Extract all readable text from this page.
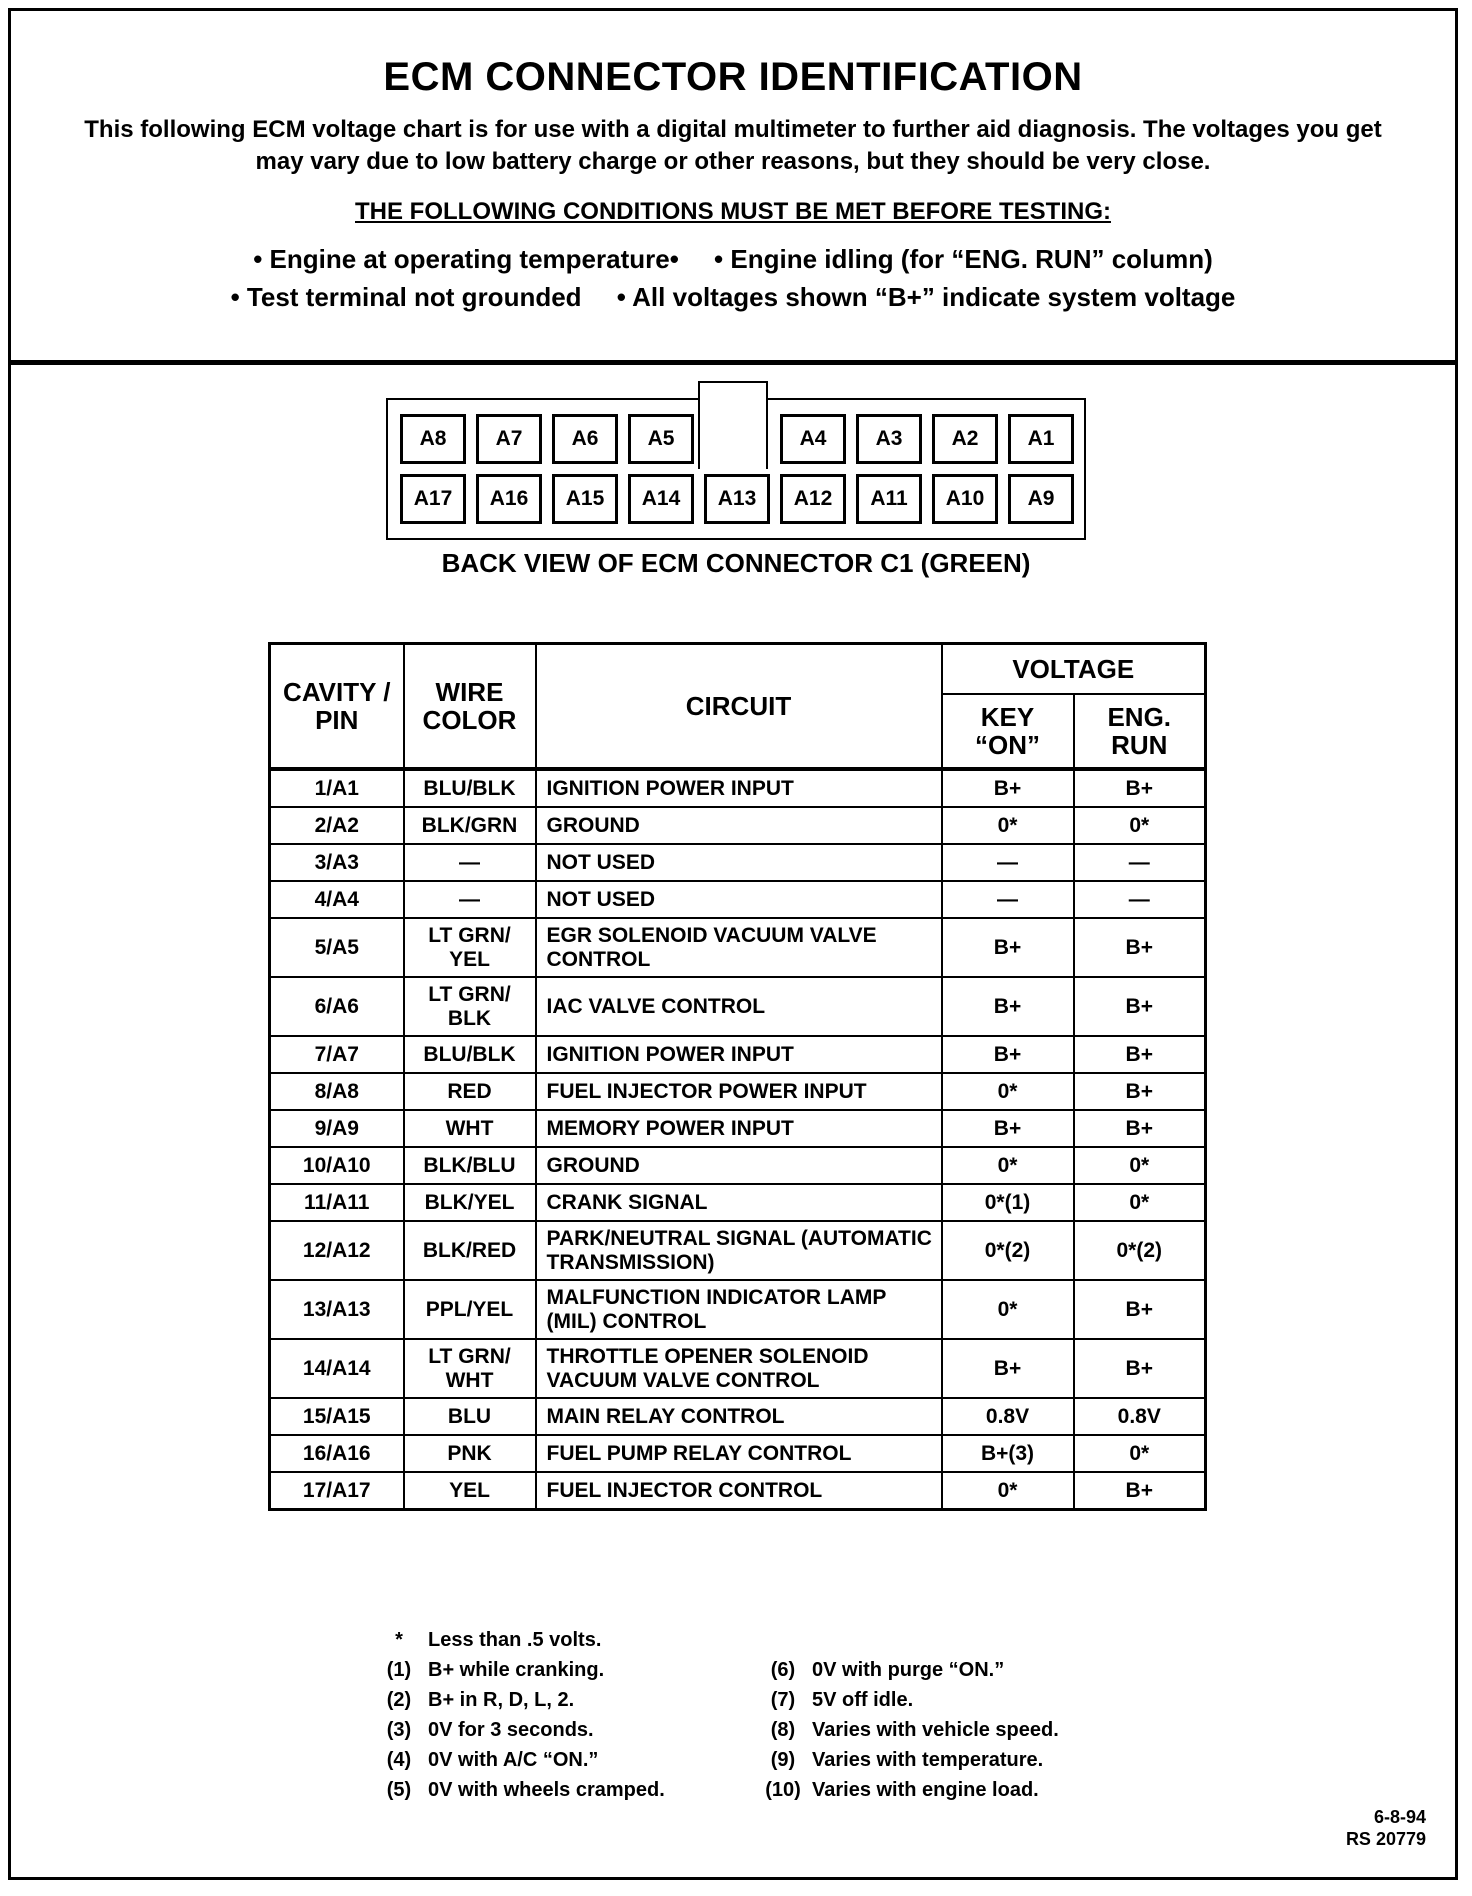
ECM CONNECTOR IDENTIFICATION
This following ECM voltage chart is for use with a digital multimeter to further aid diagnosis. The voltages you get may vary due to low battery charge or other reasons, but they should be very close.
THE FOLLOWING CONDITIONS MUST BE MET BEFORE TESTING:
• Engine at operating temperature• • Engine idling (for “ENG. RUN” column)
• Test terminal not grounded • All voltages shown “B+” indicate system voltage
A8	A7	A6	A5	A4	A3	A2	A1
A17	A16	A15	A14	A13	A12	A11	A10	A9
BACK VIEW OF ECM CONNECTOR C1 (GREEN)
CAVITY / PIN	WIRE COLOR	CIRCUIT	VOLTAGE	
			KEY “ON”	ENG. RUN
1/A1	BLU/BLK	IGNITION POWER INPUT	B+	B+
2/A2	BLK/GRN	GROUND	0*	0*
3/A3	—	NOT USED	—	—
4/A4	—	NOT USED	—	—
5/A5	LT GRN/ YEL	EGR SOLENOID VACUUM VALVE CONTROL	B+	B+
6/A6	LT GRN/ BLK	IAC VALVE CONTROL	B+	B+
7/A7	BLU/BLK	IGNITION POWER INPUT	B+	B+
8/A8	RED	FUEL INJECTOR POWER INPUT	0*	B+
9/A9	WHT	MEMORY POWER INPUT	B+	B+
10/A10	BLK/BLU	GROUND	0*	0*
11/A11	BLK/YEL	CRANK SIGNAL	0*(1)	0*
12/A12	BLK/RED	PARK/NEUTRAL SIGNAL (AUTOMATIC TRANSMISSION)	0*(2)	0*(2)
13/A13	PPL/YEL	MALFUNCTION INDICATOR LAMP (MIL) CONTROL	0*	B+
14/A14	LT GRN/ WHT	THROTTLE OPENER SOLENOID VACUUM VALVE CONTROL	B+	B+
15/A15	BLU	MAIN RELAY CONTROL	0.8V	0.8V
16/A16	PNK	FUEL PUMP RELAY CONTROL	B+(3)	0*
17/A17	YEL	FUEL INJECTOR CONTROL	0*	B+
* Less than .5 volts.
(1) B+ while cranking.
(2) B+ in R, D, L, 2.
(3) 0V for 3 seconds.
(4) 0V with A/C “ON.”
(5) 0V with wheels cramped.
(6) 0V with purge “ON.”
(7) 5V off idle.
(8) Varies with vehicle speed.
(9) Varies with temperature.
(10) Varies with engine load.
6-8-94
RS 20779
